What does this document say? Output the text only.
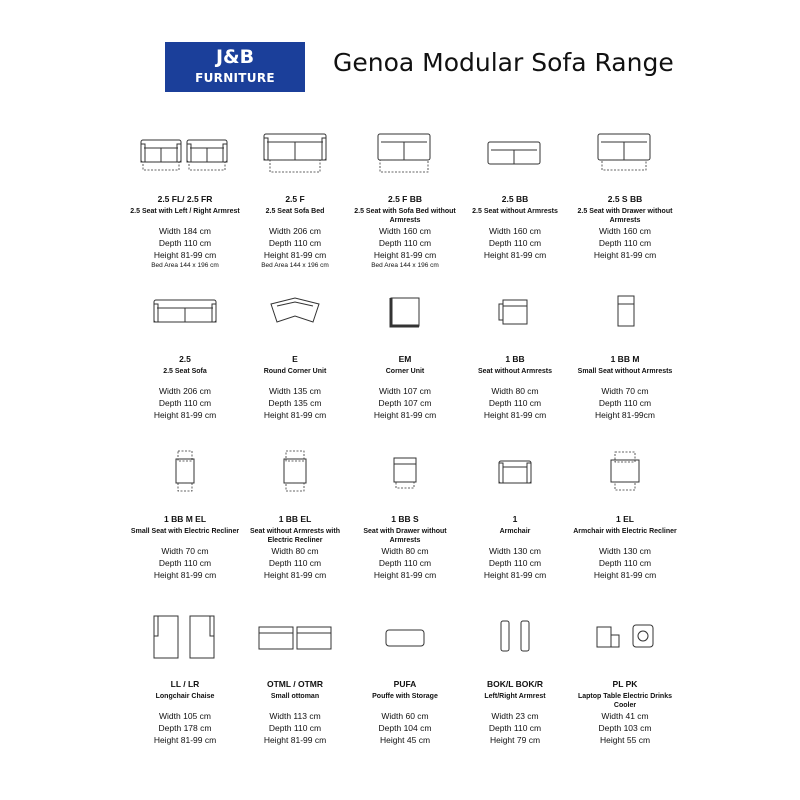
J&B
FURNITURE
Genoa Modular Sofa Range
2.5 FL/ 2.5 FR
2.5 Seat with Left / Right Armrest
Width 184 cm
Depth 110 cm
Height 81-99 cm
Bed Area 144 x 196 cm
2.5 F
2.5 Seat Sofa Bed
Width 206 cm
Depth 110 cm
Height 81-99 cm
Bed Area 144 x 196 cm
2.5 F BB
2.5 Seat with Sofa Bed without Armrests
Width 160 cm
Depth 110 cm
Height 81-99 cm
Bed Area 144 x 196 cm
2.5 BB
2.5 Seat without Armrests
Width 160 cm
Depth 110 cm
Height 81-99 cm
2.5 S BB
2.5 Seat with Drawer without Armrests
Width 160 cm
Depth 110 cm
Height 81-99 cm
2.5
2.5 Seat Sofa
Width 206 cm
Depth 110 cm
Height 81-99 cm
E
Round Corner Unit
Width 135 cm
Depth 135 cm
Height 81-99 cm
EM
Corner Unit
Width 107 cm
Depth 107 cm
Height 81-99 cm
1 BB
Seat without Armrests
Width 80 cm
Depth 110 cm
Height 81-99 cm
1 BB M
Small Seat without Armrests
Width 70 cm
Depth 110 cm
Height 81-99cm
1 BB M EL
Small Seat with Electric Recliner
Width 70 cm
Depth 110 cm
Height 81-99 cm
1 BB EL
Seat without Armrests with Electric Recliner
Width 80 cm
Depth 110 cm
Height 81-99 cm
1 BB S
Seat with Drawer without Armrests
Width 80 cm
Depth 110 cm
Height 81-99 cm
1
Armchair
Width 130 cm
Depth 110 cm
Height 81-99 cm
1 EL
Armchair with Electric Recliner
Width 130 cm
Depth 110 cm
Height 81-99 cm
LL / LR
Longchair Chaise
Width 105 cm
Depth 178 cm
Height 81-99 cm
OTML / OTMR
Small ottoman
Width 113 cm
Depth 110 cm
Height 81-99 cm
PUFA
Pouffe with Storage
Width 60 cm
Depth 104 cm
Height 45 cm
BOK/L BOK/R
Left/Right Armrest
Width 23 cm
Depth 110 cm
Height 79 cm
PL PK
Laptop Table Electric Drinks Cooler
Width 41 cm
Depth 103 cm
Height 55 cm
